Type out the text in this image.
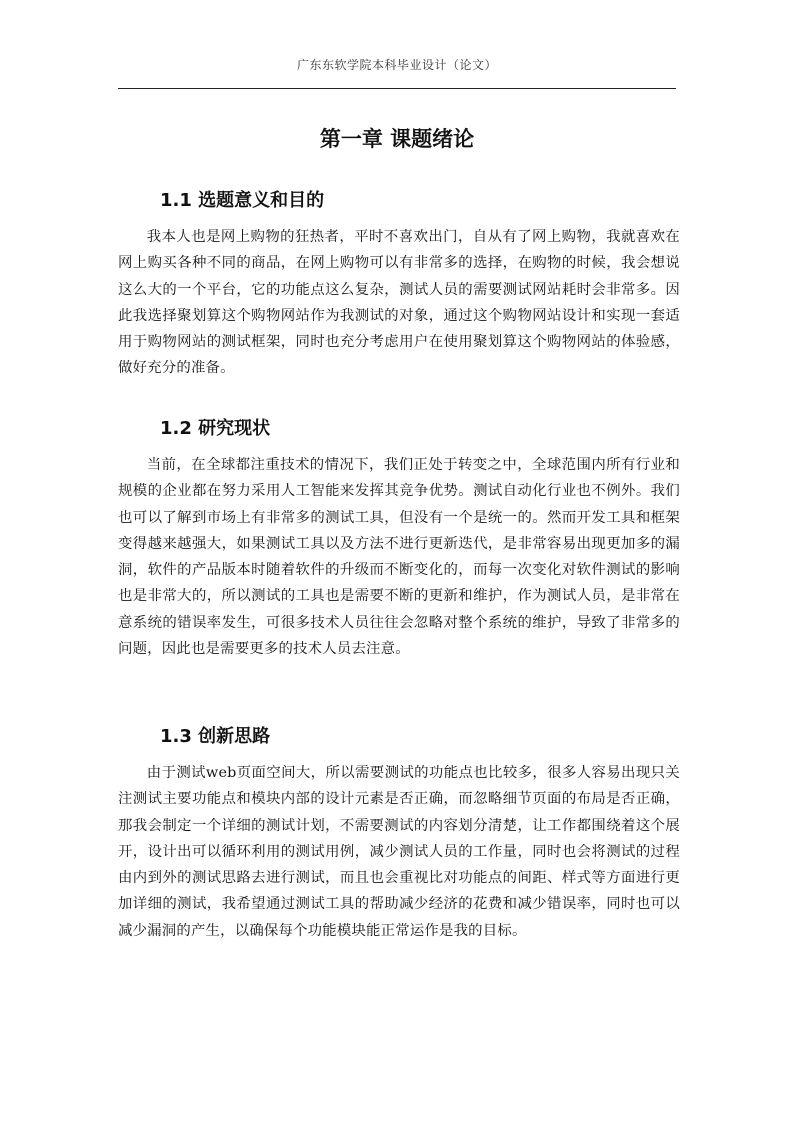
广东东软学院本科毕业设计（论文）
第一章 课题绪论
1.1 选题意义和目的

我本人也是网上购物的狂热者，平时不喜欢出门，自从有了网上购物，我就喜欢在网上购买各种不同的商品，在网上购物可以有非常多的选择，在购物的时候，我会想说这么大的一个平台，它的功能点这么复杂，测试人员的需要测试网站耗时会非常多。因此我选择聚划算这个购物网站作为我测试的对象，通过这个购物网站设计和实现一套适用于购物网站的测试框架，同时也充分考虑用户在使用聚划算这个购物网站的体验感，做好充分的准备。

1.2 研究现状

当前，在全球都注重技术的情况下，我们正处于转变之中，全球范围内所有行业和规模的企业都在努力采用人工智能来发挥其竞争优势。测试自动化行业也不例外。我们也可以了解到市场上有非常多的测试工具，但没有一个是统一的。然而开发工具和框架变得越来越强大，如果测试工具以及方法不进行更新迭代，是非常容易出现更加多的漏洞，软件的产品版本时随着软件的升级而不断变化的，而每一次变化对软件测试的影响也是非常大的，所以测试的工具也是需要不断的更新和维护，作为测试人员，是非常在意系统的错误率发生，可很多技术人员往往会忽略对整个系统的维护，导致了非常多的问题，因此也是需要更多的技术人员去注意。

1.3 创新思路

由于测试web页面空间大，所以需要测试的功能点也比较多，很多人容易出现只关注测试主要功能点和模块内部的设计元素是否正确，而忽略细节页面的布局是否正确，那我会制定一个详细的测试计划，不需要测试的内容划分清楚，让工作都围绕着这个展开，设计出可以循环利用的测试用例，减少测试人员的工作量，同时也会将测试的过程由内到外的测试思路去进行测试，而且也会重视比对功能点的间距、样式等方面进行更加详细的测试，我希望通过测试工具的帮助减少经济的花费和减少错误率，同时也可以减少漏洞的产生，以确保每个功能模块能正常运作是我的目标。
